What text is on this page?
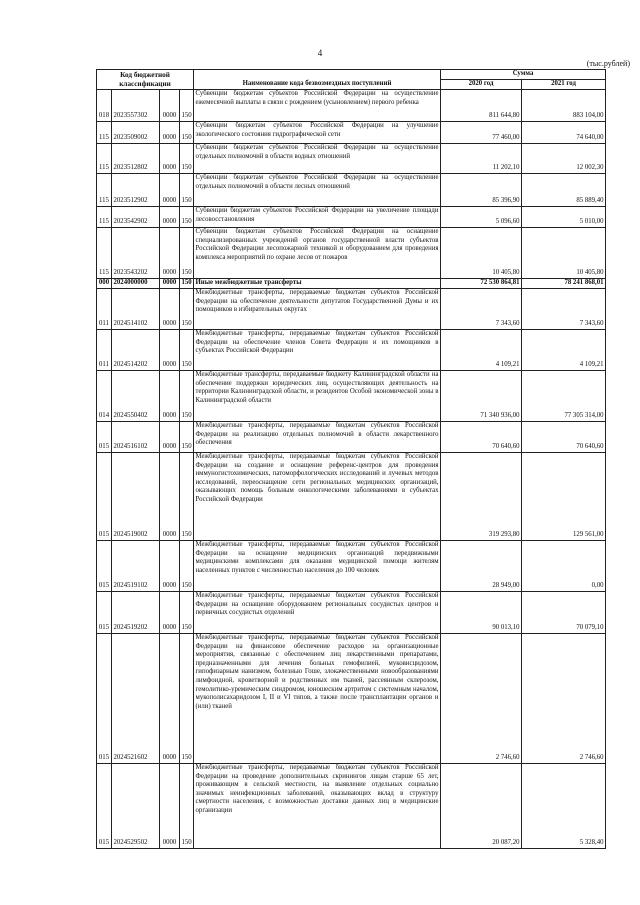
4
(тыс.рублей)
Код бюджетной классификации				Наименование кода безвозмездных поступлений	Сумма	
					2020 год	2021 год
018	2023557302	0000	150	Субвенции бюджетам субъектов Российской Федерации на осуществление ежемесячной выплаты в связи с рождением (усыновлением) первого ребенка	811 644,80	883 104,00
115	2023509002	0000	150	Субвенции бюджетам субъектов Российской Федерации на улучшение экологического состояния гидрографической сети	77 460,00	74 640,00
115	2023512802	0000	150	Субвенции бюджетам субъектов Российской Федерации на осуществление отдельных полномочий в области водных отношений	11 202,10	12 002,30
115	2023512902	0000	150	Субвенции бюджетам субъектов Российской Федерации на осуществление отдельных полномочий в области лесных отношений	85 396,90	85 889,40
115	2023542902	0000	150	Субвенции бюджетам субъектов Российской Федерации на увеличение площади лесовосстановления	5 096,60	5 010,00
115	2023543202	0000	150	Субвенции бюджетам субъектов Российской Федерации на оснащение специализированных учреждений органов государственной власти субъектов Российской Федерации лесопожарной техникой и оборудованием для проведения комплекса мероприятий по охране лесов от пожаров	10 405,80	10 405,80
000	2024000000	0000	150	Иные межбюджетные трансферты	72 530 864,81	78 241 868,01
011	2024514102	0000	150	Межбюджетные трансферты, передаваемые бюджетам субъектов Российской Федерации на обеспечение деятельности депутатов Государственной Думы и их помощников в избирательных округах	7 343,60	7 343,60
011	2024514202	0000	150	Межбюджетные трансферты, передаваемые бюджетам субъектов Российской Федерации на обеспечение членов Совета Федерации и их помощников в субъектах Российской Федерации	4 109,21	4 109,21
014	2024550402	0000	150	Межбюджетные трансферты, передаваемые бюджету Калининградской области на обеспечение поддержки юридических лиц, осуществляющих деятельность на территории Калининградской области, и резидентов Особой экономической зоны в Калининградской области	71 340 936,00	77 305 314,00
015	2024516102	0000	150	Межбюджетные трансферты, передаваемые бюджетам субъектов Российской Федерации на реализацию отдельных полномочий в области лекарственного обеспечения	70 640,60	70 640,60
015	2024519002	0000	150	Межбюджетные трансферты, передаваемые бюджетам субъектов Российской Федерации на создание и оснащение референс-центров для проведения иммуногистохимических, патоморфологических исследований и лучевых методов исследований, переоснащение сети региональных медицинских организаций, оказывающих помощь больным онкологическими заболеваниями в субъектах Российской Федерации	319 293,80	129 561,00
015	2024519102	0000	150	Межбюджетные трансферты, передаваемые бюджетам субъектов Российской Федерации на оснащение медицинских организаций передвижными медицинскими комплексами для оказания медицинской помощи жителям населенных пунктов с численностью населения до 100 человек	28 949,00	0,00
015	2024519202	0000	150	Межбюджетные трансферты, передаваемые бюджетам субъектов Российской Федерации на оснащение оборудованием региональных сосудистых центров и первичных сосудистых отделений	90 013,10	70 079,10
015	2024521602	0000	150	Межбюджетные трансферты, передаваемые бюджетам субъектов Российской Федерации на финансовое обеспечение расходов на организационные мероприятия, связанные с обеспечением лиц лекарственными препаратами, предназначенными для лечения больных гемофилией, муковисцидозом, гипофизарным нанизмом, болезнью Гоше, злокачественными новообразованиями лимфоидной, кроветворной и родственных им тканей, рассеянным склерозом, гемолитико-уремическим синдромом, юношеским артритом с системным началом, мукополисахаридозом I, II и VI типов, а также после трансплантации органов и (или) тканей	2 746,60	2 746,60
015	2024529502	0000	150	Межбюджетные трансферты, передаваемые бюджетам субъектов Российской Федерации на проведение дополнительных скринингов лицам старше 65 лет, проживающим в сельской местности, на выявление отдельных социально значимых неинфекционных заболеваний, оказывающих вклад в структуру смертности населения, с возможностью доставки данных лиц в медицинские организации	20 087,20	5 328,40
